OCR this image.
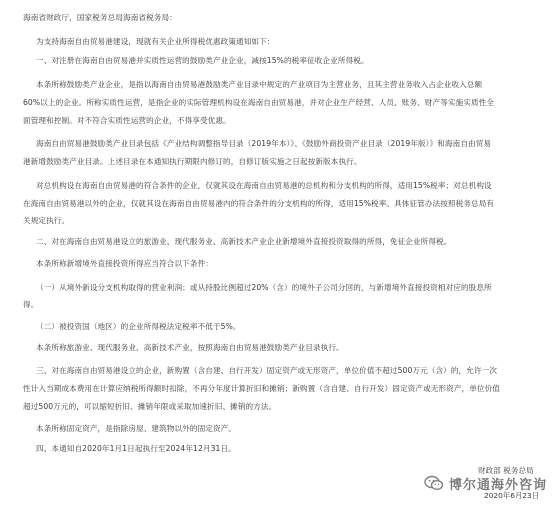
海南省财政厅，国家税务总局海南省税务局：
为支持海南自由贸易港建设，现就有关企业所得税优惠政策通知如下：
一、对注册在海南自由贸易港并实质性运营的鼓励类产业企业，减按15%的税率征收企业所得税。
本条所称鼓励类产业企业，是指以海南自由贸易港鼓励类产业目录中规定的产业项目为主营业务，且其主营业务收入占企业收入总额
60%以上的企业。所称实质性运营，是指企业的实际管理机构设在海南自由贸易港，并对企业生产经营、人员、账务、财产等实施实质性全
面管理和控制。对不符合实质性运营的企业，不得享受优惠。
海南自由贸易港鼓励类产业目录包括《产业结构调整指导目录（2019年本）》、《鼓励外商投资产业目录（2019年版）》和海南自由贸易
港新增鼓励类产业目录。上述目录在本通知执行期限内修订的，自修订版实施之日起按新版本执行。
对总机构设在海南自由贸易港的符合条件的企业，仅就其设在海南自由贸易港的总机构和分支机构的所得，适用15%税率；对总机构设
在海南自由贸易港以外的企业，仅就其设在海南自由贸易港内的符合条件的分支机构的所得，适用15%税率。具体征管办法按照税务总局有
关规定执行。
二、对在海南自由贸易港设立的旅游业、现代服务业、高新技术产业企业新增境外直接投资取得的所得，免征企业所得税。
本条所称新增境外直接投资所得应当符合以下条件：
（一）从境外新设分支机构取得的营业利润；或从持股比例超过20%（含）的境外子公司分回的，与新增境外直接投资相对应的股息所
得。
（二）被投资国（地区）的企业所得税法定税率不低于5%。
本条所称旅游业、现代服务业、高新技术产业，按照海南自由贸易港鼓励类产业目录执行。
三、对在海南自由贸易港设立的企业，新购置（含自建、自行开发）固定资产或无形资产，单位价值不超过500万元（含）的，允许一次
性计入当期成本费用在计算应纳税所得额时扣除，不再分年度计算折旧和摊销；新购置（含自建、自行开发）固定资产或无形资产，单位价值
超过500万元的，可以缩短折旧、摊销年限或采取加速折旧、摊销的方法。
本条所称固定资产，是指除房屋、建筑物以外的固定资产。
四、本通知自2020年1月1日起执行至2024年12月31日。
财政部 税务总局
博尔通海外咨询
2020年6月23日
